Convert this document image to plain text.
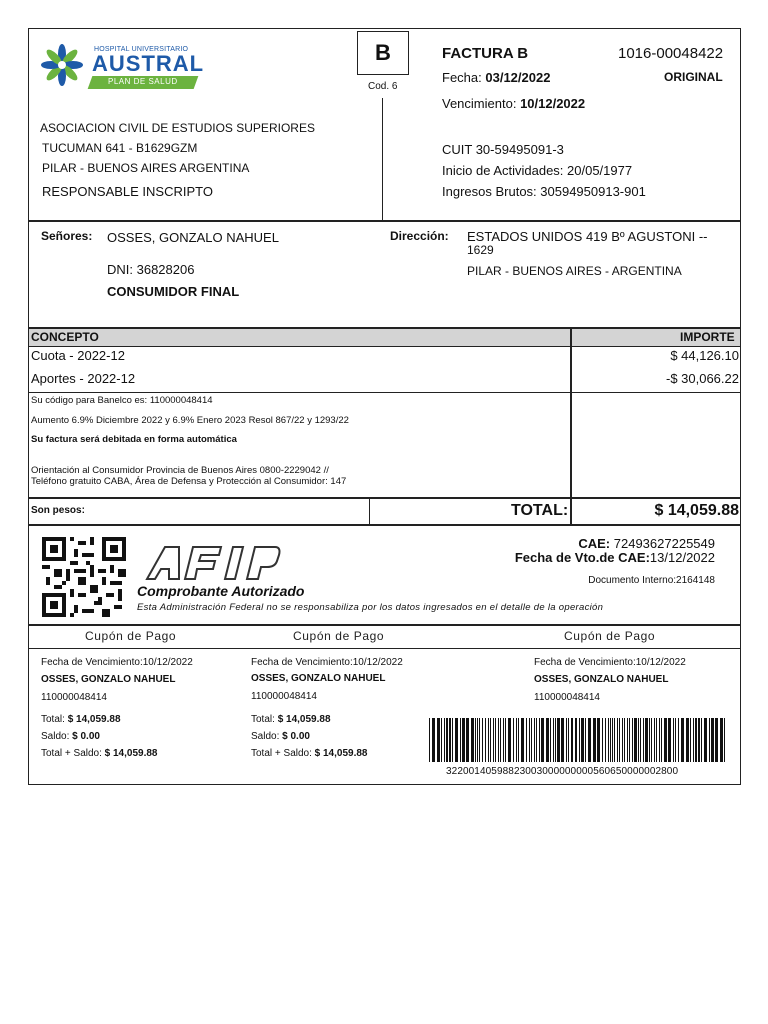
HOSPITAL UNIVERSITARIO
AUSTRAL
PLAN DE SALUD
B
Cod. 6
FACTURA B	1016-00048422
ORIGINAL
Fecha: 03/12/2022
Vencimiento: 10/12/2022
ASOCIACION CIVIL DE ESTUDIOS SUPERIORES
TUCUMAN 641 - B1629GZM
PILAR - BUENOS AIRES ARGENTINA
RESPONSABLE INSCRIPTO
CUIT 30-59495091-3
Inicio de Actividades: 20/05/1977
Ingresos Brutos: 30594950913-901
Señores: OSSES, GONZALO NAHUEL
DNI: 36828206
CONSUMIDOR FINAL
Dirección: ESTADOS UNIDOS 419 Bº AGUSTONI --
1629
PILAR - BUENOS AIRES - ARGENTINA
CONCEPTO	IMPORTE
Cuota - 2022-12	$ 44,126.10
Aportes - 2022-12	-$ 30,066.22
Su código para Banelco es: 110000048414
Aumento 6.9% Diciembre 2022 y 6.9% Enero 2023 Resol 867/22 y 1293/22
Su factura será debitada en forma automática
Orientación al Consumidor Provincia de Buenos Aires 0800-2229042 //
Teléfono gratuito CABA, Área de Defensa y Protección al Consumidor: 147
Son pesos:	TOTAL:	$ 14,059.88
AFIP
Comprobante Autorizado
Esta Administración Federal no se responsabiliza por los datos ingresados en el detalle de la operación
CAE: 72493627225549
Fecha de Vto.de CAE:13/12/2022
Documento Interno:2164148
Cupón de Pago	Cupón de Pago	Cupón de Pago
Fecha de Vencimiento:10/12/2022
OSSES, GONZALO NAHUEL
110000048414
Total: $ 14,059.88
Saldo: $ 0.00
Total + Saldo: $ 14,059.88
Fecha de Vencimiento:10/12/2022
OSSES, GONZALO NAHUEL
110000048414
Total: $ 14,059.88
Saldo: $ 0.00
Total + Saldo: $ 14,059.88
Fecha de Vencimiento:10/12/2022
OSSES, GONZALO NAHUEL
110000048414
32200140598823003000000000560650000002800
